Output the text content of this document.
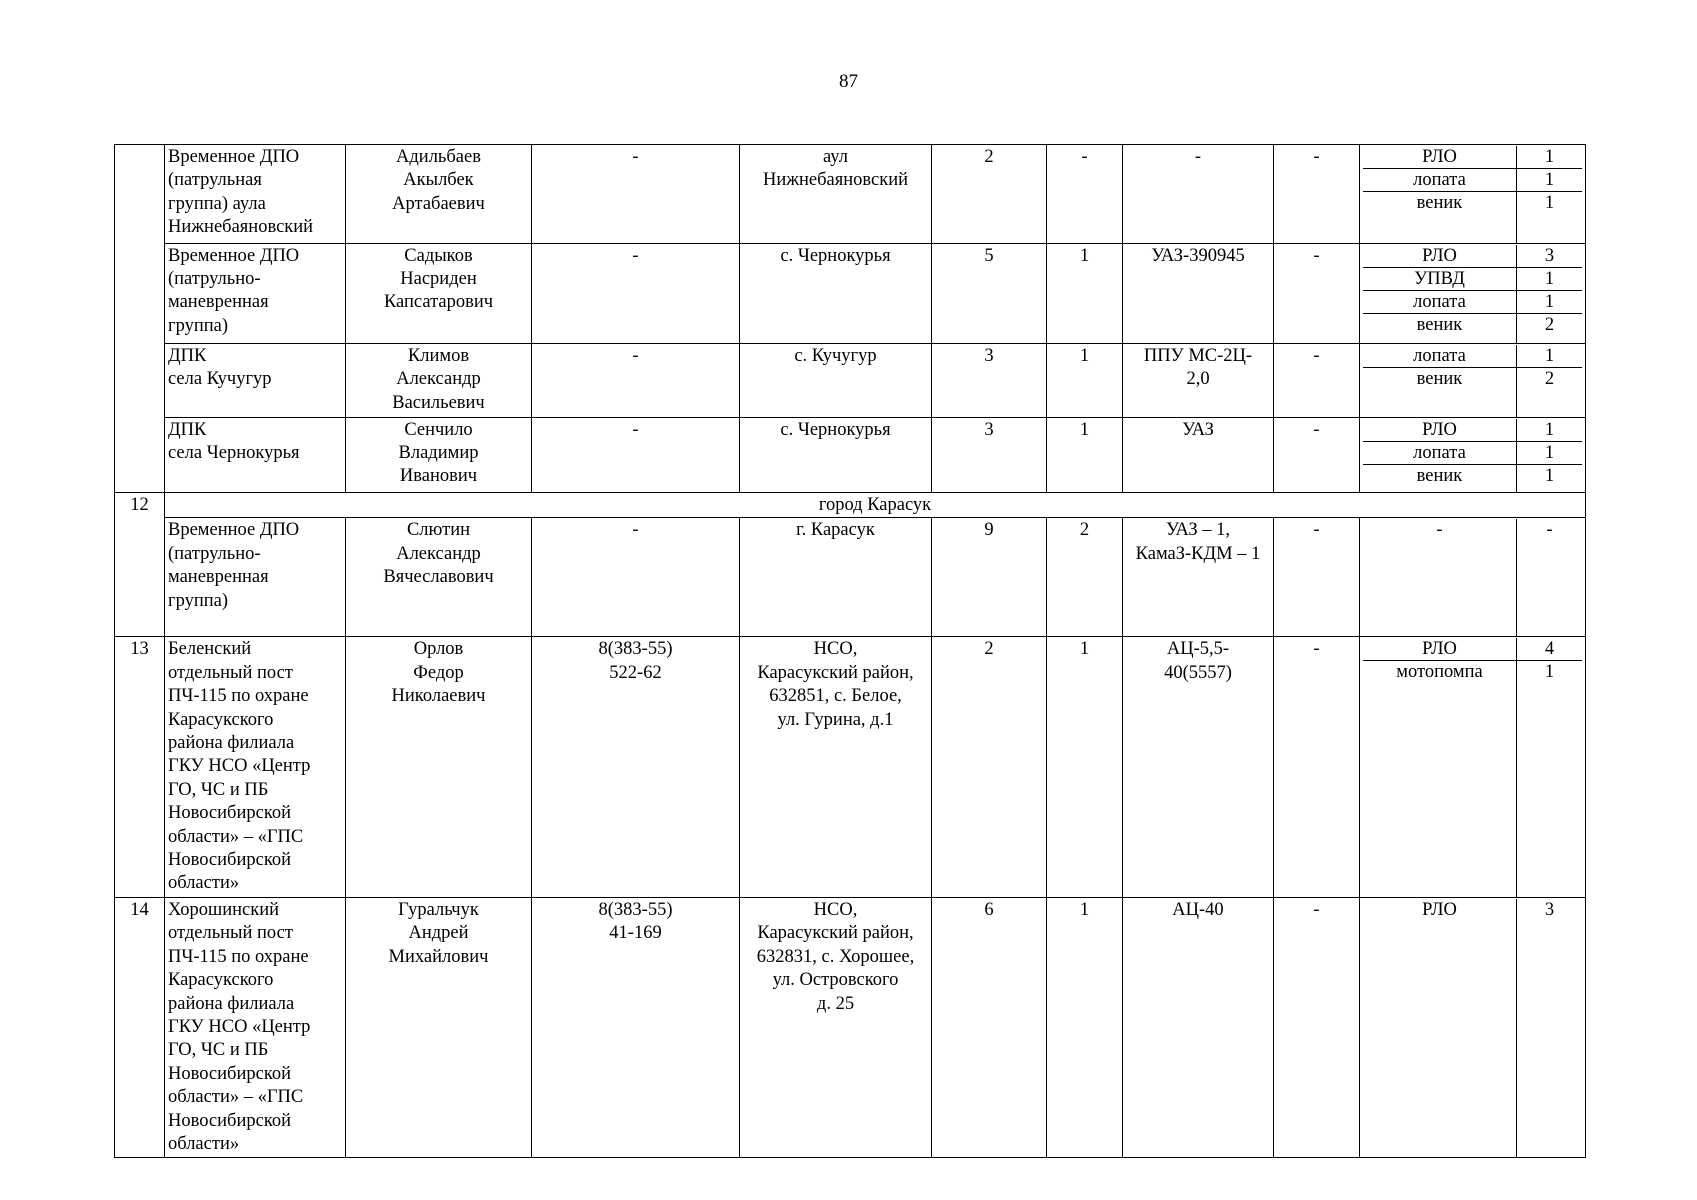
87
	Временное ДПО
(патрульная
группа) аула
Нижнебаяновский	Адильбаев
Акылбек
Артабаевич	-	аул
Нижнебаяновский	2	-	-	-		РЛО	1
лопата	1
веник	1

Временное ДПО
(патрульно-
маневренная
группа)	Садыков
Насриден
Капсатарович	-	с. Чернокурья	5	1	УАЗ-390945	-		РЛО	3
УПВД	1
лопата	1
веник	2

ДПК
села Кучугур	Климов
Александр
Васильевич	-	с. Кучугур	3	1	ППУ МС-2Ц-
2,0	-		лопата	1
веник	2

ДПК
села Чернокурья	Сенчило
Владимир
Иванович	-	с. Чернокурья	3	1	УАЗ	-		РЛО	1
лопата	1
веник	1

12	город Карасук
	Временное ДПО
(патрульно-
маневренная
группа)	Слютин
Александр
Вячеславович	-	г. Карасук	9	2	УАЗ – 1,
КамаЗ-КДМ – 1	-		-	-

13	Беленский
отдельный пост
ПЧ-115 по охране
Карасукского
района филиала
ГКУ НСО «Центр
ГО, ЧС и ПБ
Новосибирской
области» – «ГПС
Новосибирской
области»	Орлов
Федор
Николаевич	8(383-55)
522-62	НСО,
Карасукский район,
632851, с. Белое,
ул. Гурина, д.1	2	1	АЦ-5,5-
40(5557)	-		РЛО	4
мотопомпа	1

14	Хорошинский
отдельный пост
ПЧ-115 по охране
Карасукского
района филиала
ГКУ НСО «Центр
ГО, ЧС и ПБ
Новосибирской
области» – «ГПС
Новосибирской
области»	Гуральчук
Андрей
Михайлович	8(383-55)
41-169	НСО,
Карасукский район,
632831, с. Хорошее,
ул. Островского
д. 25	6	1	АЦ-40	-		РЛО	3
